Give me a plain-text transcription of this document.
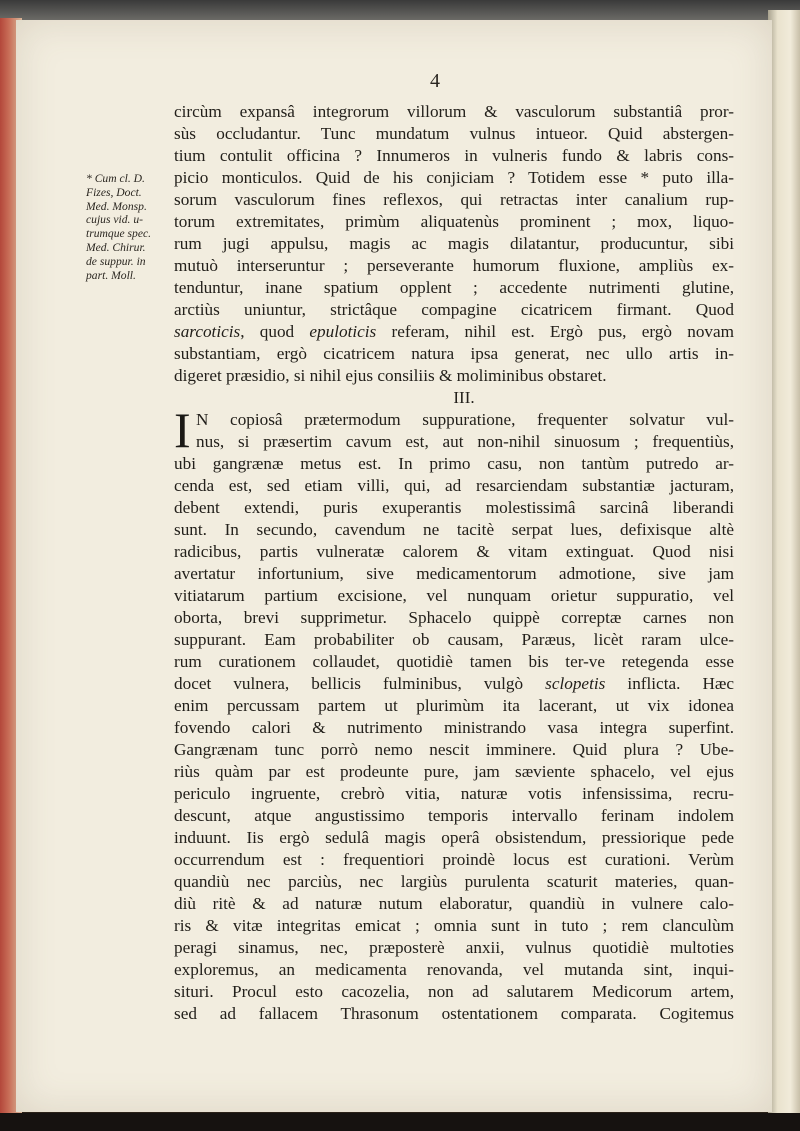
4
* Cum cl. D.
Fizes, Doct.
Med. Monsp.
cujus vid. u-
trumque spec.
Med. Chirur.
de suppur. in
part. Moll.
circùm expansâ integrorum villorum & vasculorum substantiâ pror-
sùs occludantur. Tunc mundatum vulnus intueor. Quid abstergen-
tium contulit officina ? Innumeros in vulneris fundo & labris cons-
picio monticulos. Quid de his conjiciam ? Totidem esse * puto illa-
sorum vasculorum fines reflexos, qui retractas inter canalium rup-
torum extremitates, primùm aliquatenùs prominent ; mox, liquo-
rum jugi appulsu, magis ac magis dilatantur, producuntur, sibi
mutuò interseruntur ; perseverante humorum fluxione, ampliùs ex-
tenduntur, inane spatium opplent ; accedente nutrimenti glutine,
arctiùs uniuntur, strictâque compagine cicatricem firmant. Quod
sarcoticis, quod epuloticis referam, nihil est. Ergò pus, ergò novam
substantiam, ergò cicatricem natura ipsa generat, nec ullo artis in-
digeret præsidio, si nihil ejus consiliis & moliminibus obstaret.
III.
I N copiosâ prætermodum suppuratione, frequenter solvatur vul-
nus, si præsertim cavum est, aut non-nihil sinuosum ; frequentiùs,
ubi gangrænæ metus est. In primo casu, non tantùm putredo ar-
cenda est, sed etiam villi, qui, ad resarciendam substantiæ jacturam,
debent extendi, puris exuperantis molestissimâ sarcinâ liberandi
sunt. In secundo, cavendum ne tacitè serpat lues, defixisque altè
radicibus, partis vulneratæ calorem & vitam extinguat. Quod nisi
avertatur infortunium, sive medicamentorum admotione, sive jam
vitiatarum partium excisione, vel nunquam orietur suppuratio, vel
oborta, brevi supprimetur. Sphacelo quippè correptæ carnes non
suppurant. Eam probabiliter ob causam, Paræus, licèt raram ulce-
rum curationem collaudet, quotidiè tamen bis ter-ve retegenda esse
docet vulnera, bellicis fulminibus, vulgò sclopetis inflicta. Hæc
enim percussam partem ut plurimùm ita lacerant, ut vix idonea
fovendo calori & nutrimento ministrando vasa integra superfint.
Gangrænam tunc porrò nemo nescit imminere. Quid plura ? Ube-
riùs quàm par est prodeunte pure, jam sæviente sphacelo, vel ejus
periculo ingruente, crebrò vitia, naturæ votis infensissima, recru-
descunt, atque angustissimo temporis intervallo ferinam indolem
induunt. Iis ergò sedulâ magis operâ obsistendum, pressiorique pede
occurrendum est : frequentiori proindè locus est curationi. Verùm
quandiù nec parciùs, nec largiùs purulenta scaturit materies, quan-
diù ritè & ad naturæ nutum elaboratur, quandiù in vulnere calo-
ris & vitæ integritas emicat ; omnia sunt in tuto ; rem clanculùm
peragi sinamus, nec, præposterè anxii, vulnus quotidiè multoties
exploremus, an medicamenta renovanda, vel mutanda sint, inqui-
situri. Procul esto cacozelia, non ad salutarem Medicorum artem,
sed ad fallacem Thrasonum ostentationem comparata. Cogitemus
